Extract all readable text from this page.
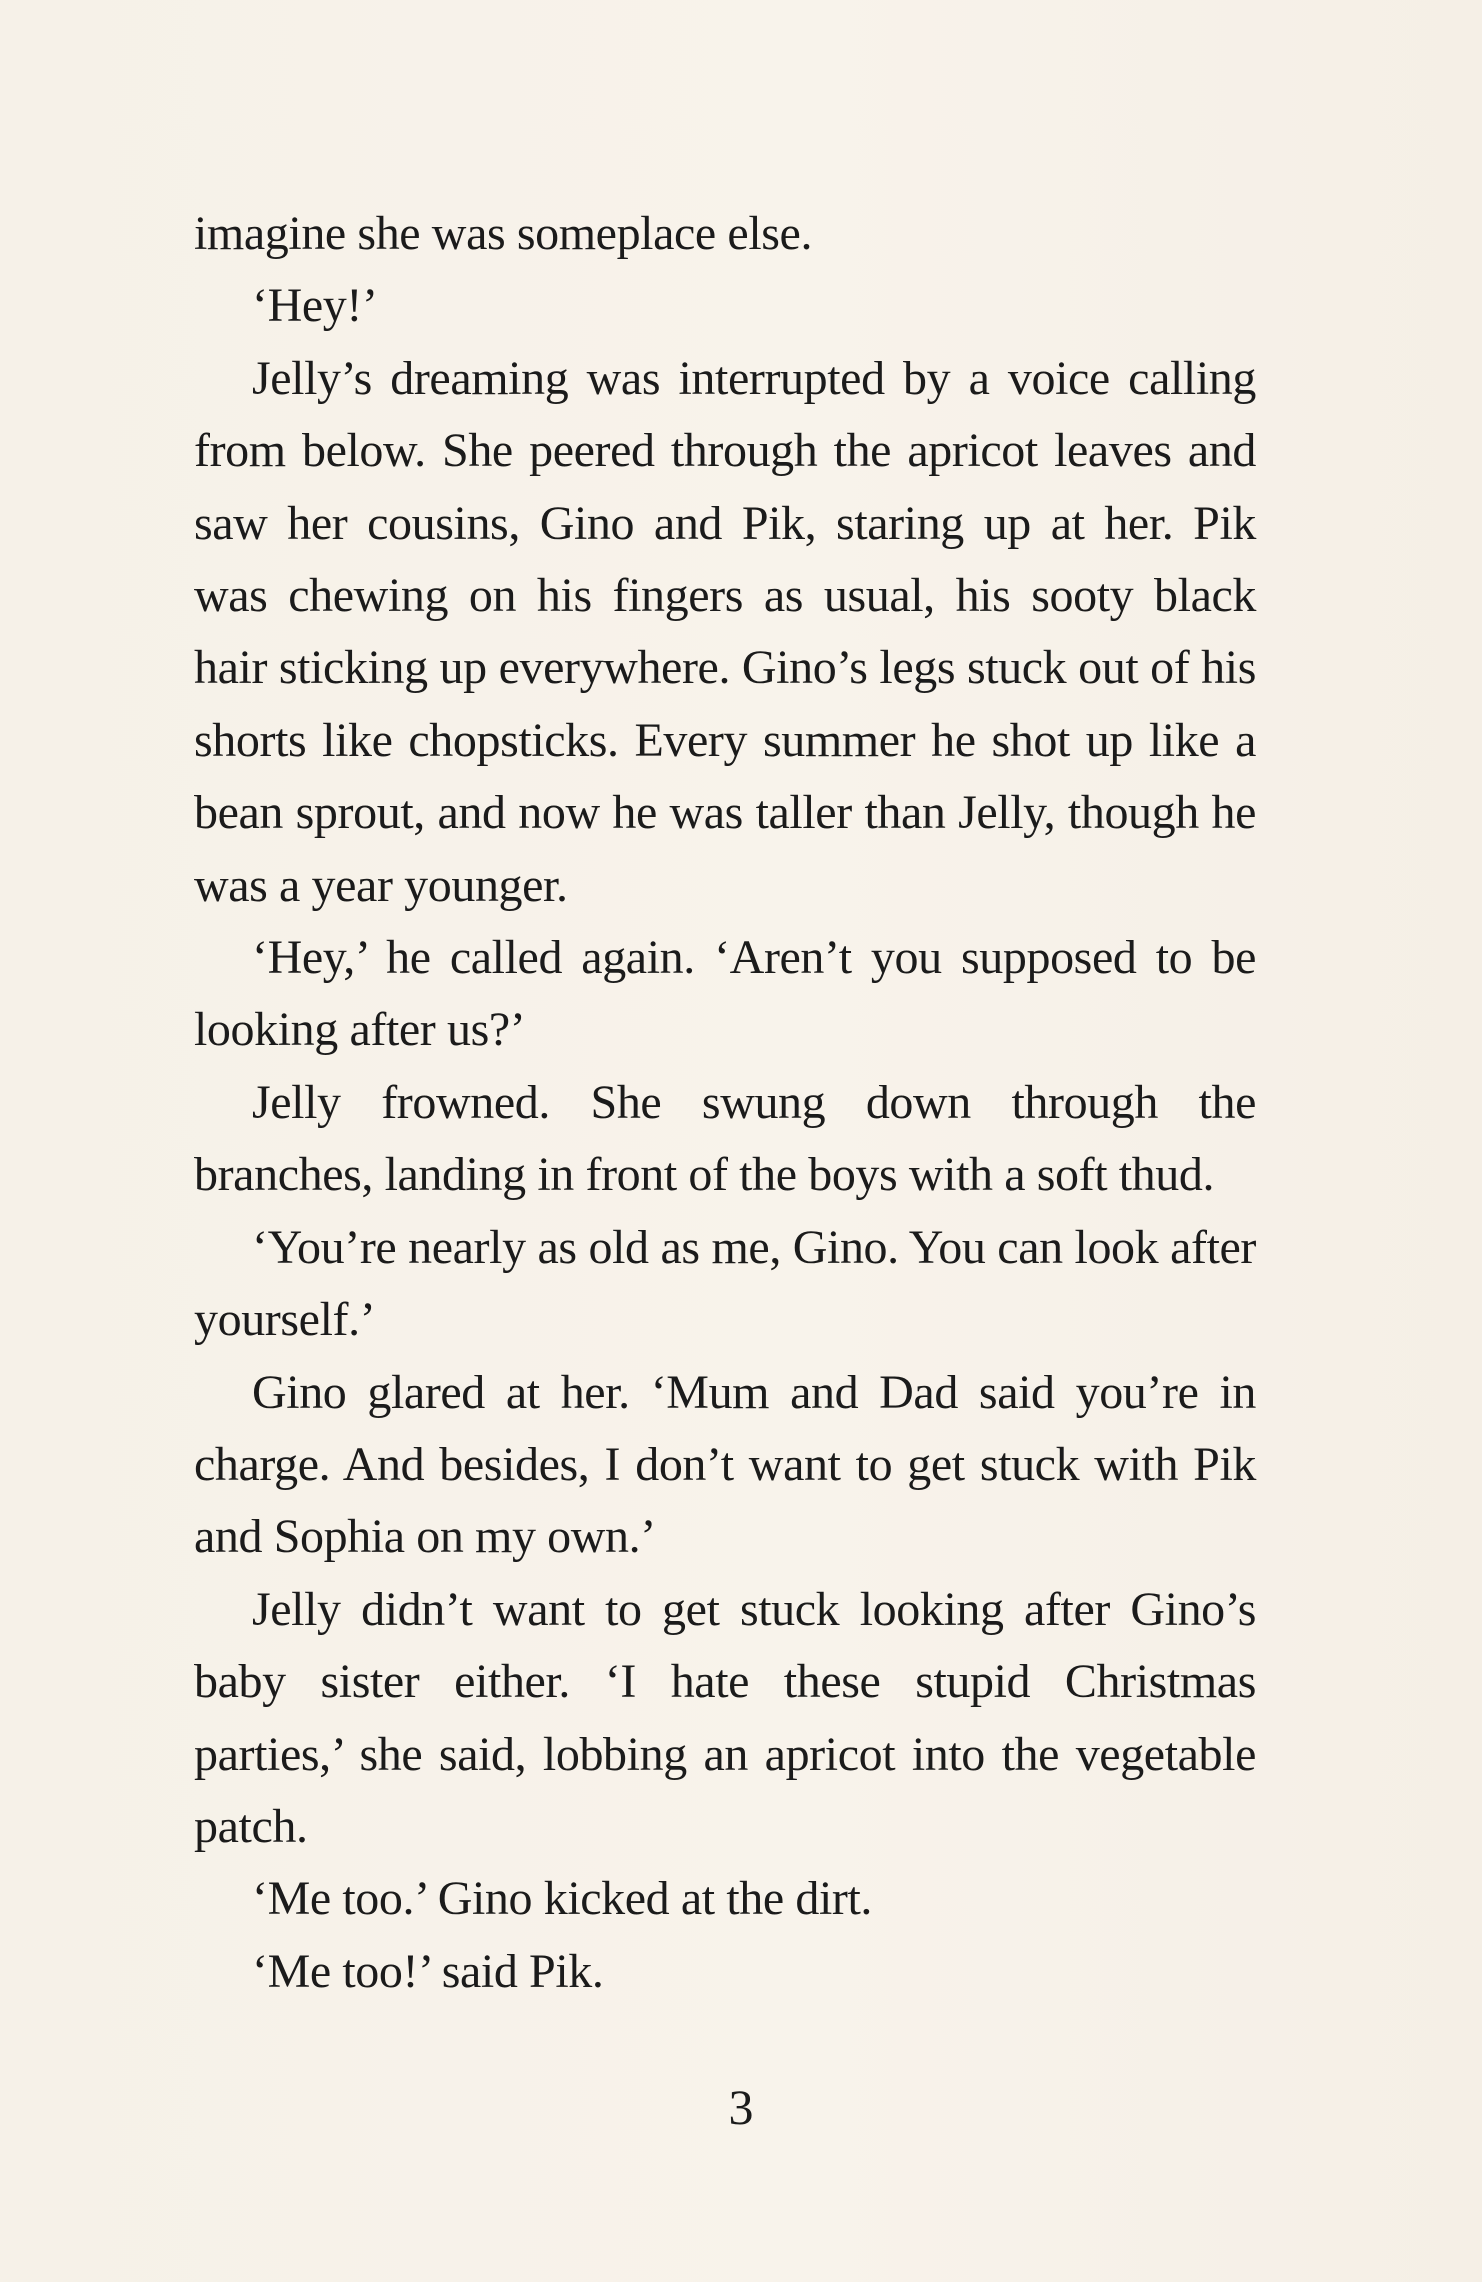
imagine she was someplace else.

‘Hey!’

Jelly’s dreaming was interrupted by a voice calling from below. She peered through the apricot leaves and saw her cousins, Gino and Pik, staring up at her. Pik was chewing on his fingers as usual, his sooty black hair sticking up everywhere. Gino’s legs stuck out of his shorts like chopsticks. Every summer he shot up like a bean sprout, and now he was taller than Jelly, though he was a year younger.

‘Hey,’ he called again. ‘Aren’t you supposed to be looking after us?’

Jelly frowned. She swung down through the branches, landing in front of the boys with a soft thud.

‘You’re nearly as old as me, Gino. You can look after yourself.’

Gino glared at her. ‘Mum and Dad said you’re in charge. And besides, I don’t want to get stuck with Pik and Sophia on my own.’

Jelly didn’t want to get stuck looking after Gino’s baby sister either. ‘I hate these stupid Christmas parties,’ she said, lobbing an apricot into the vegetable patch.

‘Me too.’ Gino kicked at the dirt.

‘Me too!’ said Pik.

3
